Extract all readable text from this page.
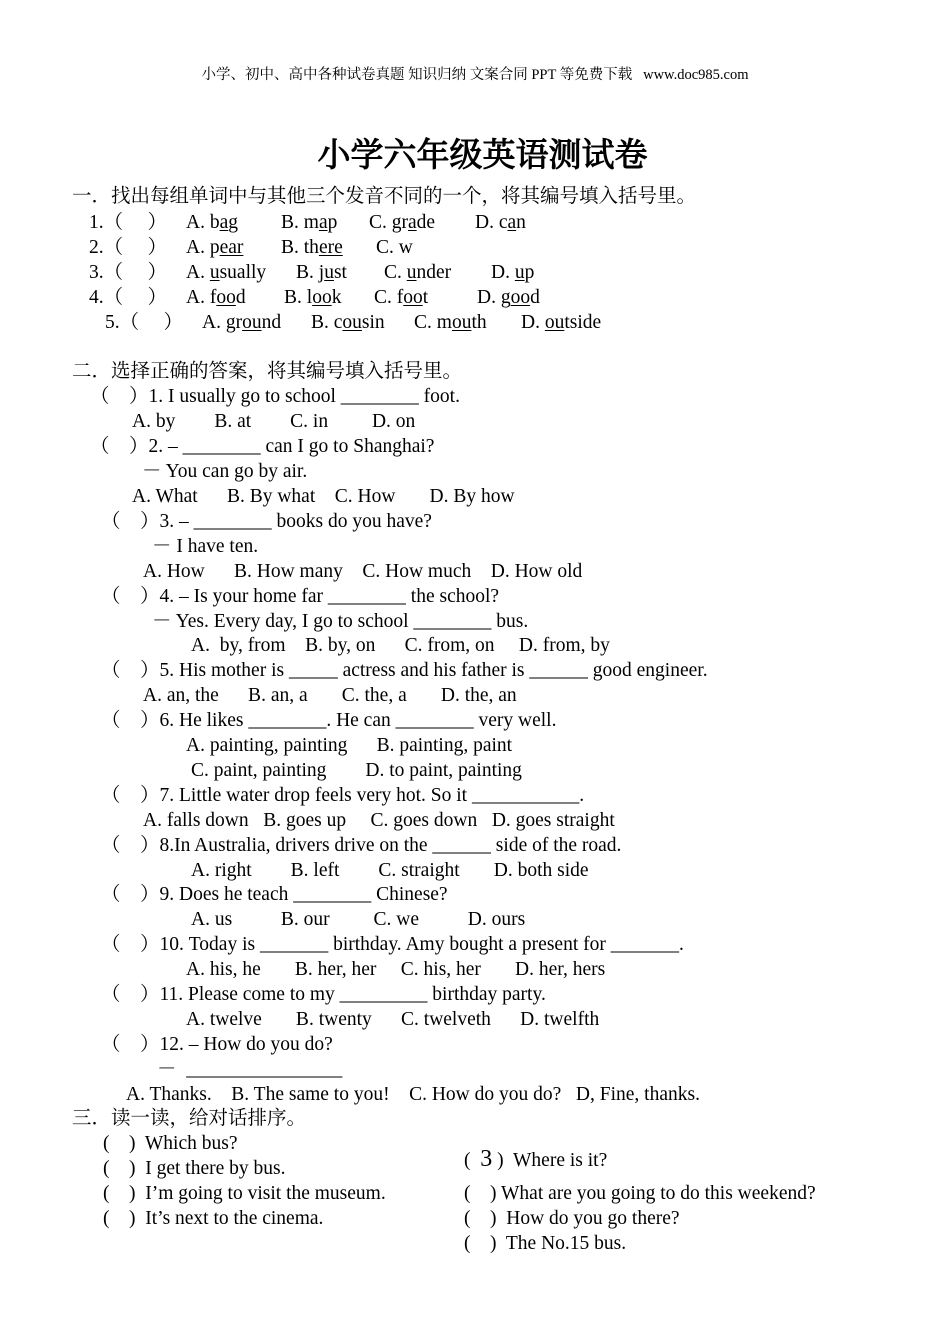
小学、初中、高中各种试卷真题 知识归纳 文案合同 PPT 等免费下载   www.doc985.com
小学六年级英语测试卷
一．找出每组单词中与其他三个发音不同的一个，将其编号填入括号里。
1.（     ） A. bag B. map C. grade D. can
2.（     ） A. pear B. there C. w
3.（     ） A. usually B. just C. under D. up
4.（     ） A. food B. look C. foot	D. good
5.（     ） A. ground B. cousin C. mouth D. outside
二．选择正确的答案，将其编号填入括号里。
（    ）1. I usually go to school ________ foot.
A. by        B. at        C. in         D. on
（    ）2. – ________ can I go to Shanghai?
－ You can go by air.
A. What      B. By what    C. How       D. By how
（    ）3. – ________ books do you have?
－ I have ten.
A. How      B. How many    C. How much    D. How old
（    ）4. – Is your home far ________ the school?
－ Yes. Every day, I go to school ________ bus.
A.  by, from    B. by, on      C. from, on     D. from, by
（    ）5. His mother is _____ actress and his father is ______ good engineer.
A. an, the      B. an, a       C. the, a       D. the, an
（    ）6. He likes ________. He can ________ very well.
A. painting, painting      B. painting, paint
C. paint, painting        D. to paint, painting
（    ）7. Little water drop feels very hot. So it ___________.
A. falls down   B. goes up     C. goes down   D. goes straight
（    ）8.In Australia, drivers drive on the ______ side of the road.
A. right        B. left        C. straight       D. both side
（    ）9. Does he teach ________ Chinese?
A. us          B. our         C. we          D. ours
（    ）10. Today is _______ birthday. Amy bought a present for _______.
A. his, he       B. her, her     C. his, her       D. her, hers
（    ）11. Please come to my _________ birthday party.
A. twelve       B. twenty      C. twelveth      D. twelfth
（    ）12. – How do you do?
－  ________________
A. Thanks.    B. The same to you!    C. How do you do?   D, Fine, thanks.
三．读一读，给对话排序。
(    )  Which bus?
(    )  I get there by bus.
(    )  I’m going to visit the museum.
(    )  It’s next to the cinema.
(  3 )  Where is it?
(    ) What are you going to do this weekend?
(    )  How do you go there?
(    )  The No.15 bus.
